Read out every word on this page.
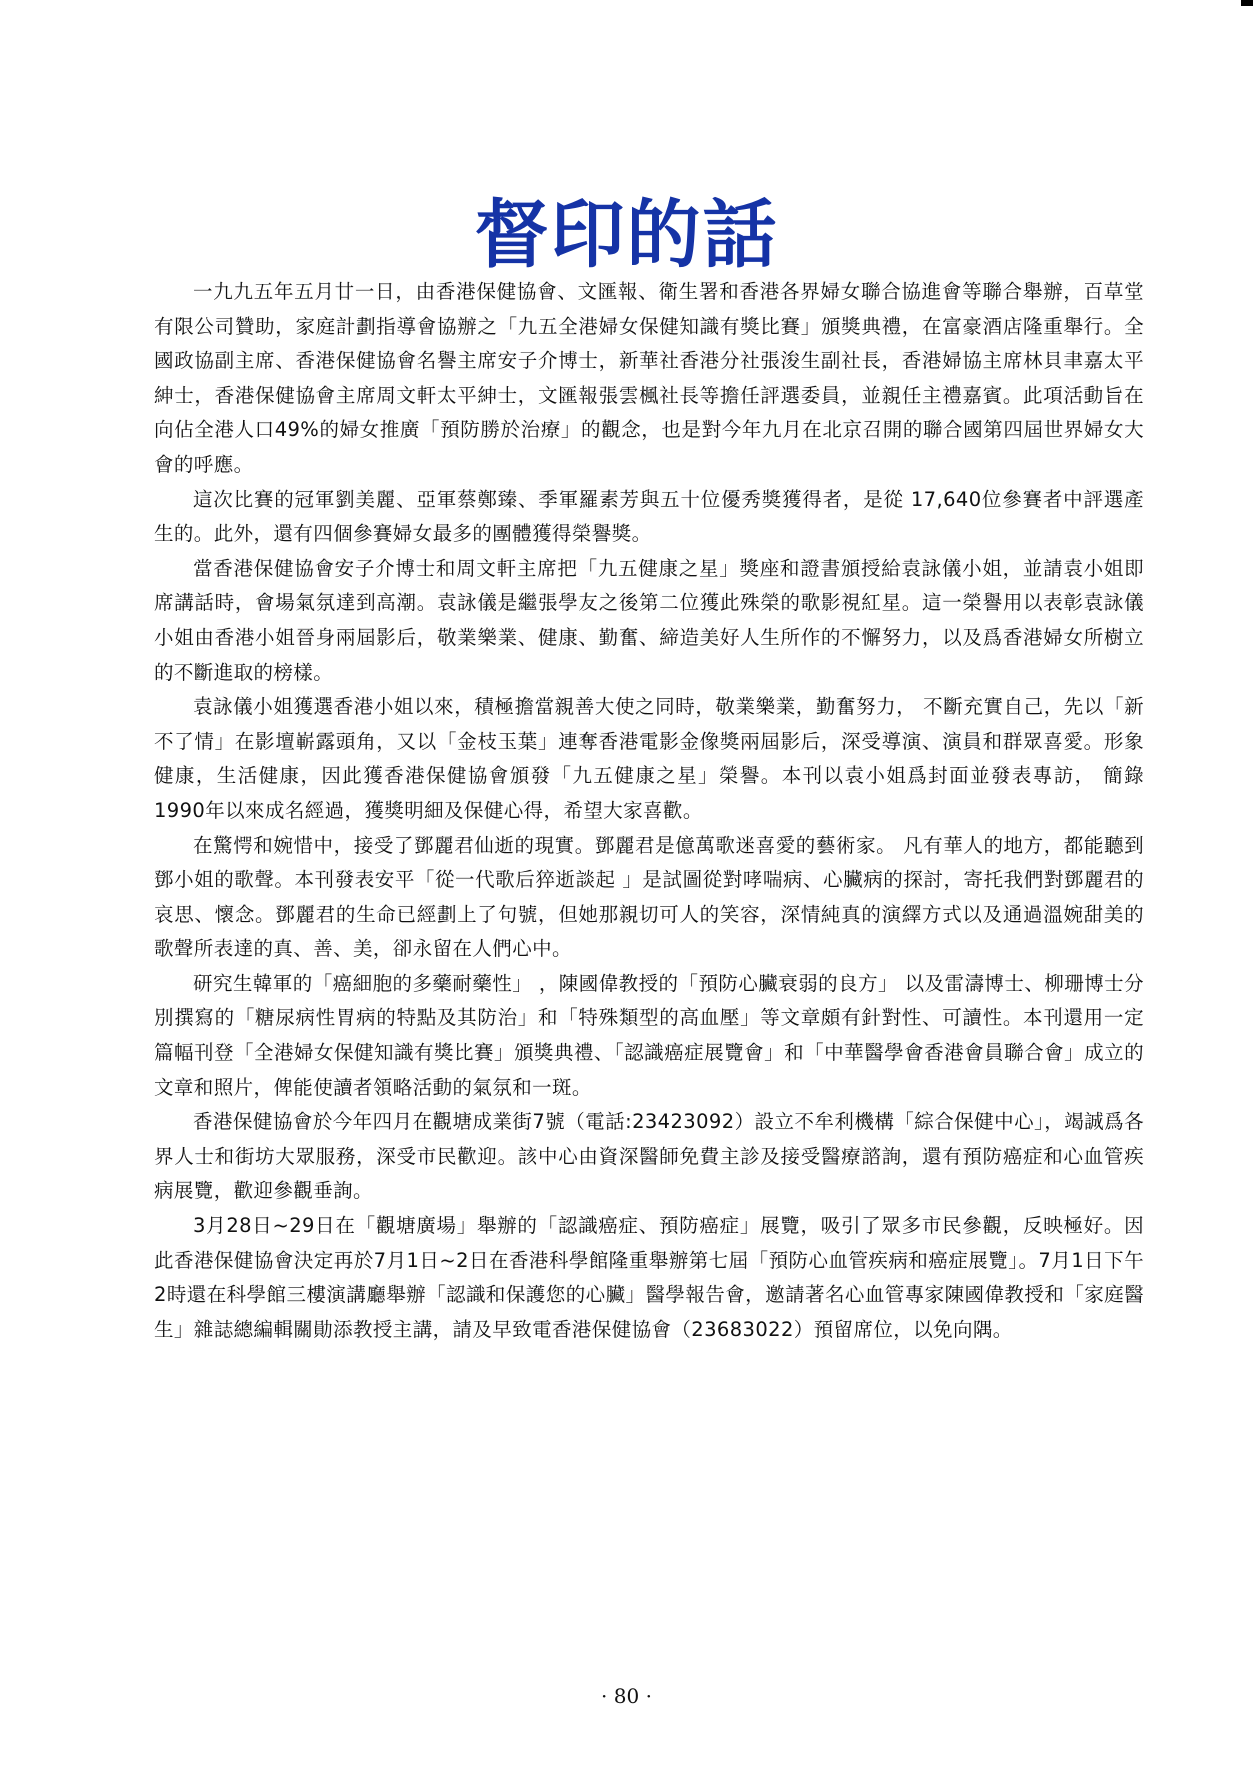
督印的話

一九九五年五月廿一日，由香港保健協會、文匯報、衛生署和香港各界婦女聯合協進會等聯合舉辦，百草堂有限公司贊助，家庭計劃指導會協辦之「九五全港婦女保健知識有獎比賽」頒獎典禮，在富豪酒店隆重舉行。全國政協副主席、香港保健協會名譽主席安子介博士，新華社香港分社張浚生副社長，香港婦協主席林貝聿嘉太平紳士，香港保健協會主席周文軒太平紳士，文匯報張雲楓社長等擔任評選委員，並親任主禮嘉賓。此項活動旨在向佔全港人口49%的婦女推廣「預防勝於治療」的觀念，也是對今年九月在北京召開的聯合國第四屆世界婦女大會的呼應。

這次比賽的冠軍劉美麗、亞軍蔡鄭臻、季軍羅素芳與五十位優秀獎獲得者，是從 17,640位參賽者中評選產生的。此外，還有四個參賽婦女最多的團體獲得榮譽獎。

當香港保健協會安子介博士和周文軒主席把「九五健康之星」獎座和證書頒授給袁詠儀小姐，並請袁小姐即席講話時，會場氣氛達到高潮。袁詠儀是繼張學友之後第二位獲此殊榮的歌影視紅星。這一榮譽用以表彰袁詠儀小姐由香港小姐晉身兩屆影后，敬業樂業、健康、勤奮、締造美好人生所作的不懈努力，以及爲香港婦女所樹立的不斷進取的榜樣。

袁詠儀小姐獲選香港小姐以來，積極擔當親善大使之同時，敬業樂業，勤奮努力， 不斷充實自己，先以「新不了情」在影壇嶄露頭角，又以「金枝玉葉」連奪香港電影金像獎兩屆影后，深受導演、演員和群眾喜愛。形象健康，生活健康，因此獲香港保健協會頒發「九五健康之星」榮譽。本刊以袁小姐爲封面並發表專訪， 簡錄1990年以來成名經過，獲獎明細及保健心得，希望大家喜歡。

在驚愕和婉惜中，接受了鄧麗君仙逝的現實。鄧麗君是億萬歌迷喜愛的藝術家。 凡有華人的地方，都能聽到鄧小姐的歌聲。本刊發表安平「從一代歌后猝逝談起 」是試圖從對哮喘病、心臟病的探討，寄托我們對鄧麗君的哀思、懷念。鄧麗君的生命已經劃上了句號，但她那親切可人的笑容，深情純真的演繹方式以及通過溫婉甜美的歌聲所表達的真、善、美，卻永留在人們心中。

研究生韓軍的「癌細胞的多藥耐藥性」 ，陳國偉教授的「預防心臟衰弱的良方」 以及雷濤博士、柳珊博士分別撰寫的「糖尿病性胃病的特點及其防治」和「特殊類型的高血壓」等文章頗有針對性、可讀性。本刊還用一定篇幅刊登「全港婦女保健知識有獎比賽」頒獎典禮、「認識癌症展覽會」和「中華醫學會香港會員聯合會」成立的文章和照片，俾能使讀者領略活動的氣氛和一斑。

香港保健協會於今年四月在觀塘成業街7號（電話:23423092）設立不牟利機構「綜合保健中心」，竭誠爲各界人士和街坊大眾服務，深受市民歡迎。該中心由資深醫師免費主診及接受醫療諮詢，還有預防癌症和心血管疾病展覽，歡迎參觀垂詢。

3月28日~29日在「觀塘廣場」舉辦的「認識癌症、預防癌症」展覽，吸引了眾多市民參觀，反映極好。因此香港保健協會決定再於7月1日~2日在香港科學館隆重舉辦第七屆「預防心血管疾病和癌症展覽」。7月1日下午2時還在科學館三樓演講廳舉辦「認識和保護您的心臟」醫學報告會，邀請著名心血管專家陳國偉教授和「家庭醫生」雜誌總編輯關勛添教授主講，請及早致電香港保健協會（23683022）預留席位，以免向隅。

· 80 ·
